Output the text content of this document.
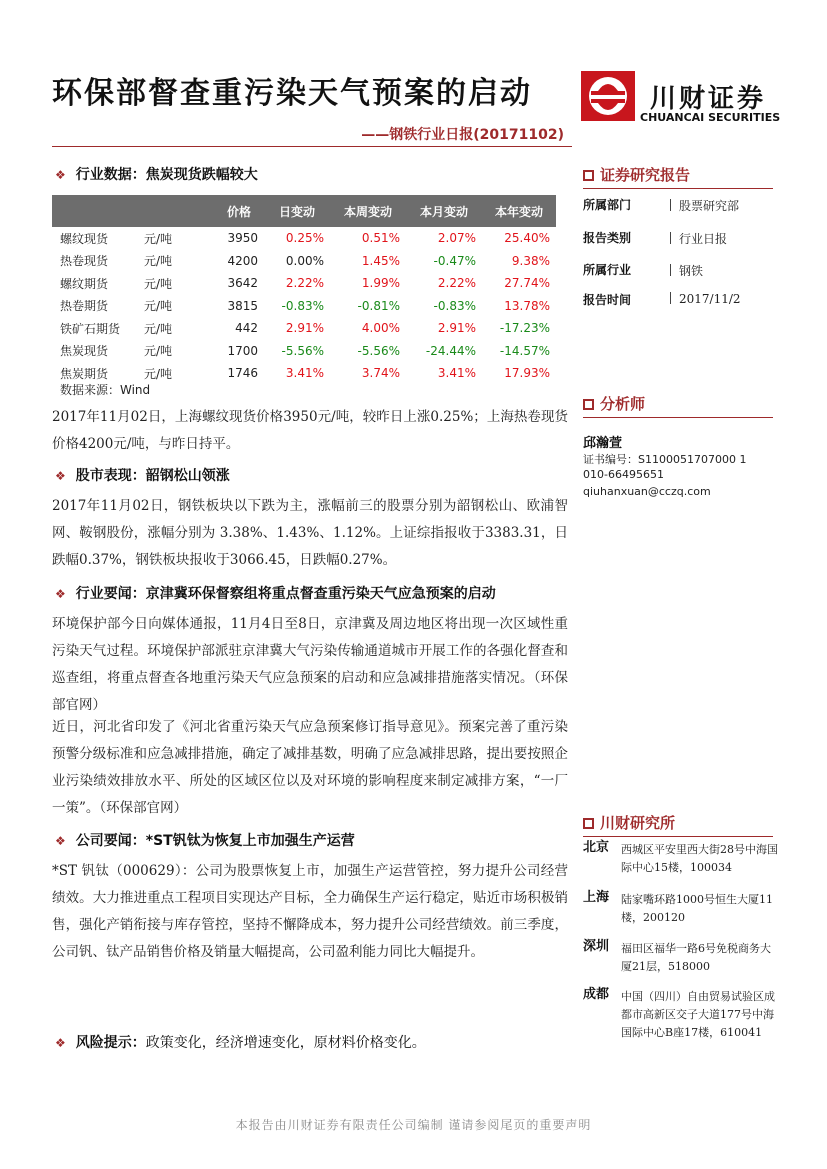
环保部督查重污染天气预案的启动
——钢铁行业日报(20171102)
川财证券
CHUANCAI SECURITIES
❖ 行业数据：焦炭现货跌幅较大
		价格	日变动	本周变动	本月变动	本年变动
螺纹现货	元/吨	3950	0.25%	0.51%	2.07%	25.40%
热卷现货	元/吨	4200	0.00%	1.45%	-0.47%	9.38%
螺纹期货	元/吨	3642	2.22%	1.99%	2.22%	27.74%
热卷期货	元/吨	3815	-0.83%	-0.81%	-0.83%	13.78%
铁矿石期货	元/吨	442	2.91%	4.00%	2.91%	-17.23%
焦炭现货	元/吨	1700	-5.56%	-5.56%	-24.44%	-14.57%
焦炭期货	元/吨	1746	3.41%	3.74%	3.41%	17.93%
数据来源：Wind
2017年11月02日，上海螺纹现货价格3950元/吨，较昨日上涨0.25%；上海热卷现货价格4200元/吨，与昨日持平。
❖ 股市表现：韶钢松山领涨
2017年11月02日，钢铁板块以下跌为主，涨幅前三的股票分别为韶钢松山、欧浦智网、鞍钢股份，涨幅分别为 3.38%、1.43%、1.12%。上证综指报收于3383.31，日跌幅0.37%，钢铁板块报收于3066.45，日跌幅0.27%。
❖ 行业要闻：京津冀环保督察组将重点督查重污染天气应急预案的启动
环境保护部今日向媒体通报，11月4日至8日，京津冀及周边地区将出现一次区域性重污染天气过程。环境保护部派驻京津冀大气污染传输通道城市开展工作的各强化督查和巡查组，将重点督查各地重污染天气应急预案的启动和应急减排措施落实情况。（环保部官网）
近日，河北省印发了《河北省重污染天气应急预案修订指导意见》。预案完善了重污染预警分级标准和应急减排措施，确定了减排基数，明确了应急减排思路，提出要按照企业污染绩效排放水平、所处的区域区位以及对环境的影响程度来制定减排方案，“一厂一策”。（环保部官网）
❖ 公司要闻：*ST钒钛为恢复上市加强生产运营
*ST 钒钛（000629）：公司为股票恢复上市，加强生产运营管控，努力提升公司经营绩效。大力推进重点工程项目实现达产目标，全力确保生产运行稳定，贴近市场积极销售，强化产销衔接与库存管控，坚持不懈降成本，努力提升公司经营绩效。前三季度，公司钒、钛产品销售价格及销量大幅提高，公司盈利能力同比大幅提升。
❖ 风险提示：政策变化，经济增速变化，原材料价格变化。
证券研究报告
所属部门	股票研究部
报告类别	行业日报
所属行业	钢铁
报告时间	2017/11/2
分析师
邱瀚萱
证书编号：S1100051707000 1
010-66495651
qiuhanxuan@cczq.com
川财研究所
北京 西城区平安里西大街28号中海国际中心15楼，100034
上海 陆家嘴环路1000号恒生大厦11楼，200120
深圳 福田区福华一路6号免税商务大厦21层，518000
成都 中国（四川）自由贸易试验区成都市高新区交子大道177号中海国际中心B座17楼，610041
本报告由川财证券有限责任公司编制 谨请参阅尾页的重要声明
